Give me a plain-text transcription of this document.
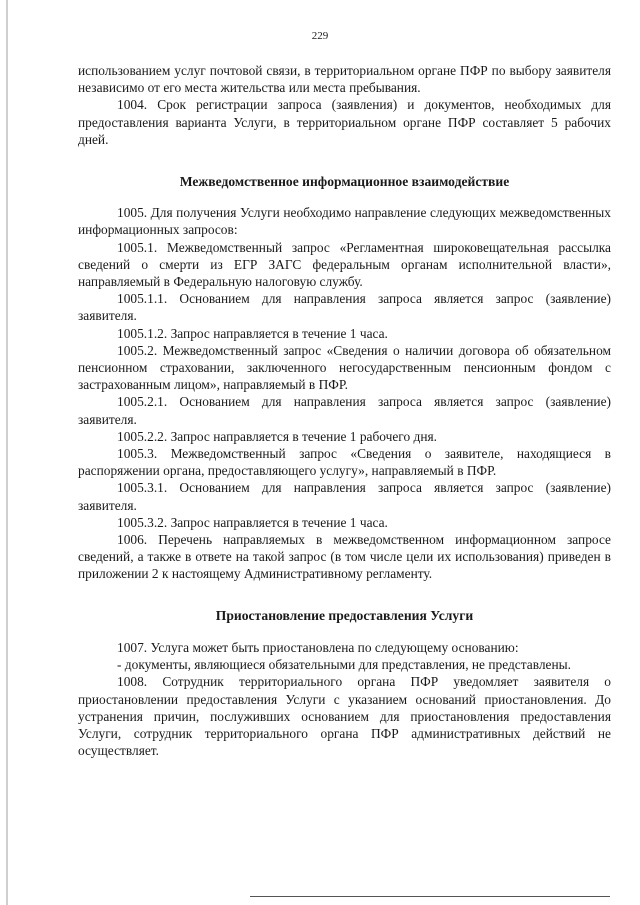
229

использованием услуг почтовой связи, в территориальном органе ПФР по выбору заявителя независимо от его места жительства или места пребывания.

1004. Срок регистрации запроса (заявления) и документов, необходимых для предоставления варианта Услуги, в территориальном органе ПФР составляет 5 рабочих дней.

Межведомственное информационное взаимодействие

1005. Для получения Услуги необходимо направление следующих межведомственных информационных запросов:

1005.1. Межведомственный запрос «Регламентная широковещательная рассылка сведений о смерти из ЕГР ЗАГС федеральным органам исполнительной власти», направляемый в Федеральную налоговую службу.

1005.1.1. Основанием для направления запроса является запрос (заявление) заявителя.

1005.1.2. Запрос направляется в течение 1 часа.

1005.2. Межведомственный запрос «Сведения о наличии договора об обязательном пенсионном страховании, заключенного негосударственным пенсионным фондом с застрахованным лицом», направляемый в ПФР.

1005.2.1. Основанием для направления запроса является запрос (заявление) заявителя.

1005.2.2. Запрос направляется в течение 1 рабочего дня.

1005.3. Межведомственный запрос «Сведения о заявителе, находящиеся в распоряжении органа, предоставляющего услугу», направляемый в ПФР.

1005.3.1. Основанием для направления запроса является запрос (заявление) заявителя.

1005.3.2. Запрос направляется в течение 1 часа.

1006. Перечень направляемых в межведомственном информационном запросе сведений, а также в ответе на такой запрос (в том числе цели их использования) приведен в приложении 2 к настоящему Административному регламенту.

Приостановление предоставления Услуги

1007. Услуга может быть приостановлена по следующему основанию:

- документы, являющиеся обязательными для представления, не представлены.

1008. Сотрудник территориального органа ПФР уведомляет заявителя о приостановлении предоставления Услуги с указанием оснований приостановления. До устранения причин, послуживших основанием для приостановления предоставления Услуги, сотрудник территориального органа ПФР административных действий не осуществляет.
